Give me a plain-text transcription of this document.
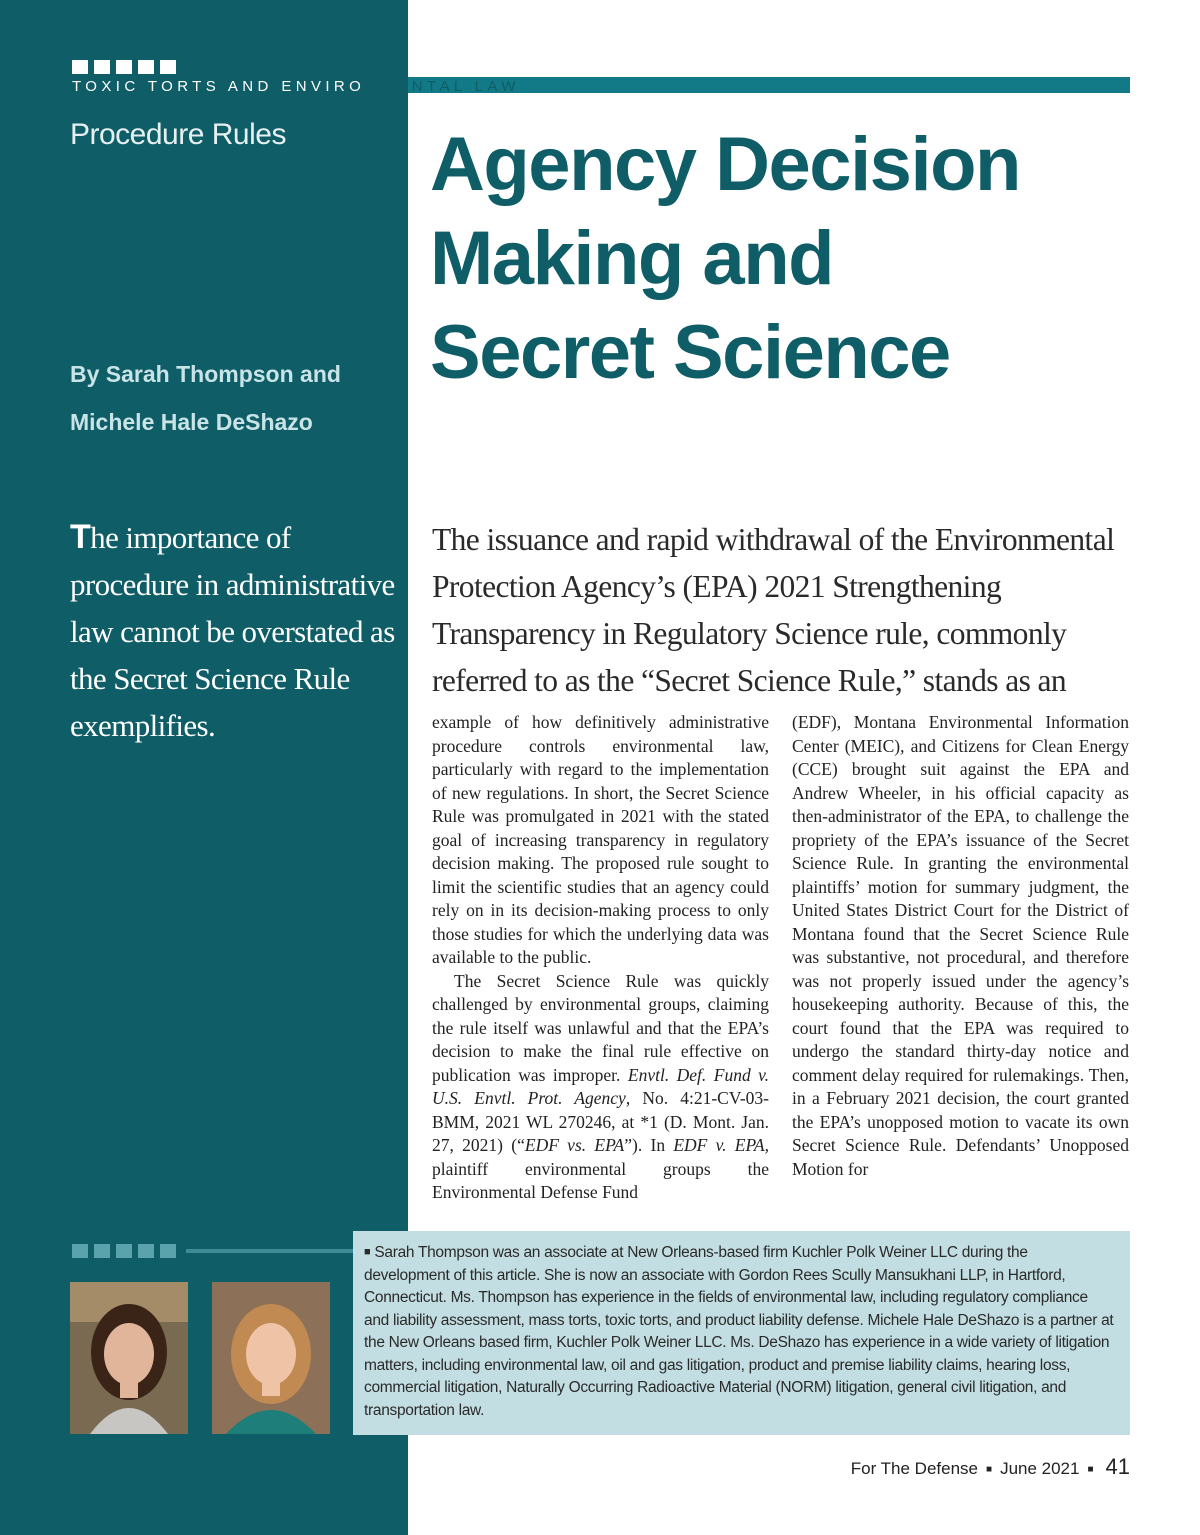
TOXIC TORTS AND ENVIRONMENTAL LAW
Procedure Rules Agency Decision
Making and
Secret Science
By Sarah Thompson and
Michele Hale DeShazo
The importance of procedure in administrative law cannot be overstated as the Secret Science Rule exemplifies.
The issuance and rapid withdrawal of the Environmental Protection Agency’s (EPA) 2021 Strengthening Transparency in Regulatory Science rule, commonly referred to as the “Secret Science Rule,” stands as an

example of how definitively administrative procedure controls environmental law, particularly with regard to the implementation of new regulations. In short, the Secret Science Rule was promulgated in 2021 with the stated goal of increasing transparency in regulatory decision making. The proposed rule sought to limit the scientific studies that an agency could rely on in its decision-making process to only those studies for which the underlying data was available to the public.

The Secret Science Rule was quickly challenged by environmental groups, claiming the rule itself was unlawful and that the EPA’s decision to make the final rule effective on publication was improper. Envtl. Def. Fund v. U.S. Envtl. Prot. Agency, No. 4:21-CV-03-BMM, 2021 WL 270246, at *1 (D. Mont. Jan. 27, 2021) (“EDF vs. EPA”). In EDF v. EPA, plaintiff environmental groups the Environmental Defense Fund

(EDF), Montana Environmental Information Center (MEIC), and Citizens for Clean Energy (CCE) brought suit against the EPA and Andrew Wheeler, in his official capacity as then-administrator of the EPA, to challenge the propriety of the EPA’s issuance of the Secret Science Rule. In granting the environmental plaintiffs’ motion for summary judgment, the United States District Court for the District of Montana found that the Secret Science Rule was substantive, not procedural, and therefore was not properly issued under the agency’s housekeeping authority. Because of this, the court found that the EPA was required to undergo the standard thirty-day notice and comment delay required for rulemakings. Then, in a February 2021 decision, the court granted the EPA’s unopposed motion to vacate its own Secret Science Rule. Defendants’ Unopposed Motion for

■ Sarah Thompson was an associate at New Orleans-based firm Kuchler Polk Weiner LLC during the development of this article. She is now an associate with Gordon Rees Scully Mansukhani LLP, in Hartford, Connecticut. Ms. Thompson has experience in the fields of environmental law, including regulatory compliance and liability assessment, mass torts, toxic torts, and product liability defense. Michele Hale DeShazo is a partner at the New Orleans based firm, Kuchler Polk Weiner LLC. Ms. DeShazo has experience in a wide variety of litigation matters, including environmental law, oil and gas litigation, product and premise liability claims, hearing loss, commercial litigation, Naturally Occurring Radioactive Material (NORM) litigation, general civil litigation, and transportation law.
For The Defense ■ June 2021 ■ 41
